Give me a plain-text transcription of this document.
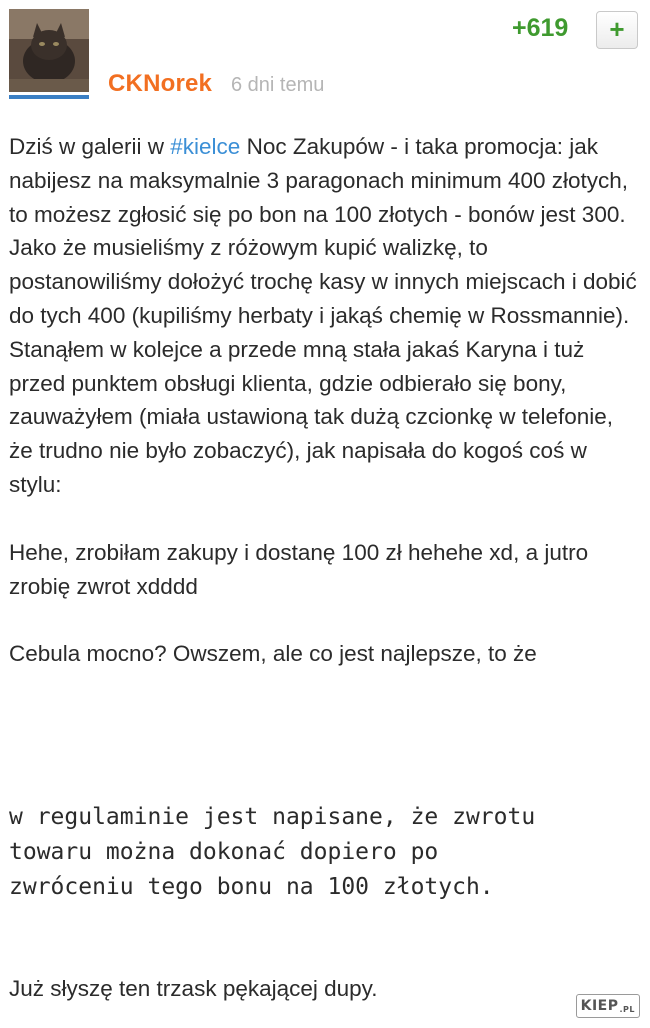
CKNorek 6 dni temu
+619 +

Dziś w galerii w #kielce Noc Zakupów - i taka promocja: jak nabijesz na maksymalnie 3 paragonach minimum 400 złotych, to możesz zgłosić się po bon na 100 złotych - bonów jest 300. Jako że musieliśmy z różowym kupić walizkę, to postanowiliśmy dołożyć trochę kasy w innych miejscach i dobić do tych 400 (kupiliśmy herbaty i jakąś chemię w Rossmannie). Stanąłem w kolejce a przede mną stała jakaś Karyna i tuż przed punktem obsługi klienta, gdzie odbierało się bony, zauważyłem (miała ustawioną tak dużą czcionkę w telefonie, że trudno nie było zobaczyć), jak napisała do kogoś coś w stylu:

Hehe, zrobiłam zakupy i dostanę 100 zł hehehe xd, a jutro zrobię zwrot xdddd

Cebula mocno? Owszem, ale co jest najlepsze, to że

w regulaminie jest napisane, że zwrotu
towaru można dokonać dopiero po
zwróceniu tego bonu na 100 złotych.
Już słyszę ten trzask pękającej dupy.
KIEP .PL
